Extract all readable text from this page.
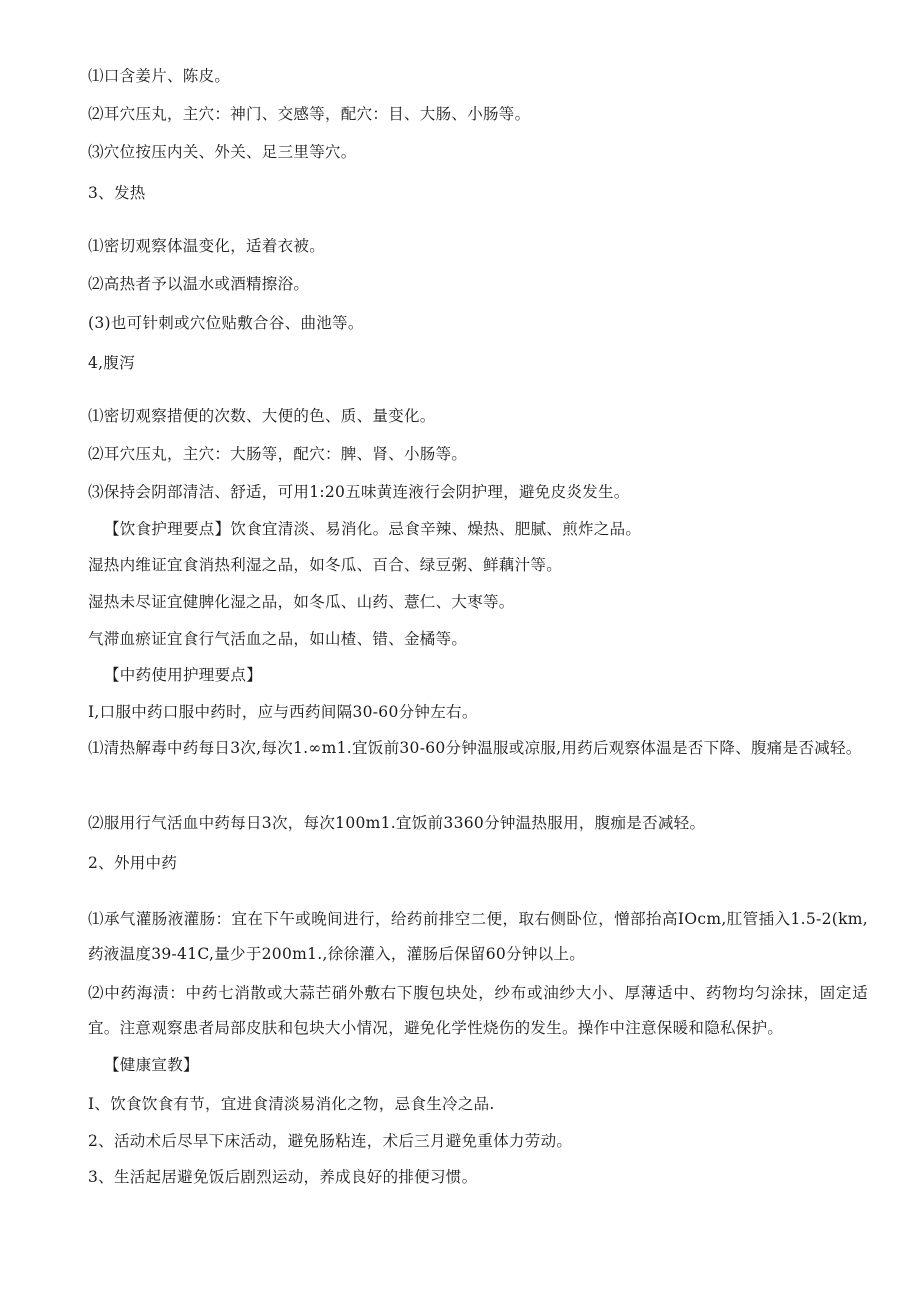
⑴口含姜片、陈皮。
⑵耳穴压丸，主穴：神门、交感等，配穴：目、大肠、小肠等。
⑶穴位按压内关、外关、足三里等穴。
3、发热
⑴密切观察体温变化，适着衣被。
⑵高热者予以温水或酒精擦浴。
(3)也可针刺或穴位贴敷合谷、曲池等。
4,腹泻
⑴密切观察措便的次数、大便的色、质、量变化。
⑵耳穴压丸，主穴：大肠等，配穴：脾、肾、小肠等。
⑶保持会阴部清洁、舒适，可用1:20五味黄连液行会阴护理，避免皮炎发生。
【饮食护理要点】饮食宜清淡、易消化。忌食辛辣、燥热、肥腻、煎炸之品。
湿热内维证宜食消热利湿之品，如冬瓜、百合、绿豆粥、鲜藕汁等。
湿热未尽证宜健脾化湿之品，如冬瓜、山药、薏仁、大枣等。
气滞血瘀证宜食行气活血之品，如山楂、错、金橘等。
【中药使用护理要点】
I,口服中药口服中药时，应与西药间隔30-60分钟左右。
⑴清热解毒中药每日3次,每次1.∞m1.宜饭前30-60分钟温服或凉服,用药后观察体温是否下降、腹痛是否减轻。
⑵服用行气活血中药每日3次，每次100m1.宜饭前3360分钟温热服用，腹痂是否减轻。
2、外用中药
⑴承气灌肠液灌肠：宜在下午或晚间进行，给药前排空二便，取右侧卧位，憎部抬高IOcm,肛管插入1.5-2(km,药液温度39-41C,量少于200m1.,徐徐灌入，灌肠后保留60分钟以上。
⑵中药海渍：中药七消散或大蒜芒硝外敷右下腹包块处，纱布或油纱大小、厚薄适中、药物均匀涂抹，固定适宜。注意观察患者局部皮肤和包块大小情况，避免化学性烧伤的发生。操作中注意保暖和隐私保护。
【健康宣教】
I、饮食饮食有节，宜进食清淡易消化之物，忌食生冷之品.
2、活动术后尽早下床活动，避免肠粘连，术后三月避免重体力劳动。
3、生活起居避免饭后剧烈运动，养成良好的排便习惯。
